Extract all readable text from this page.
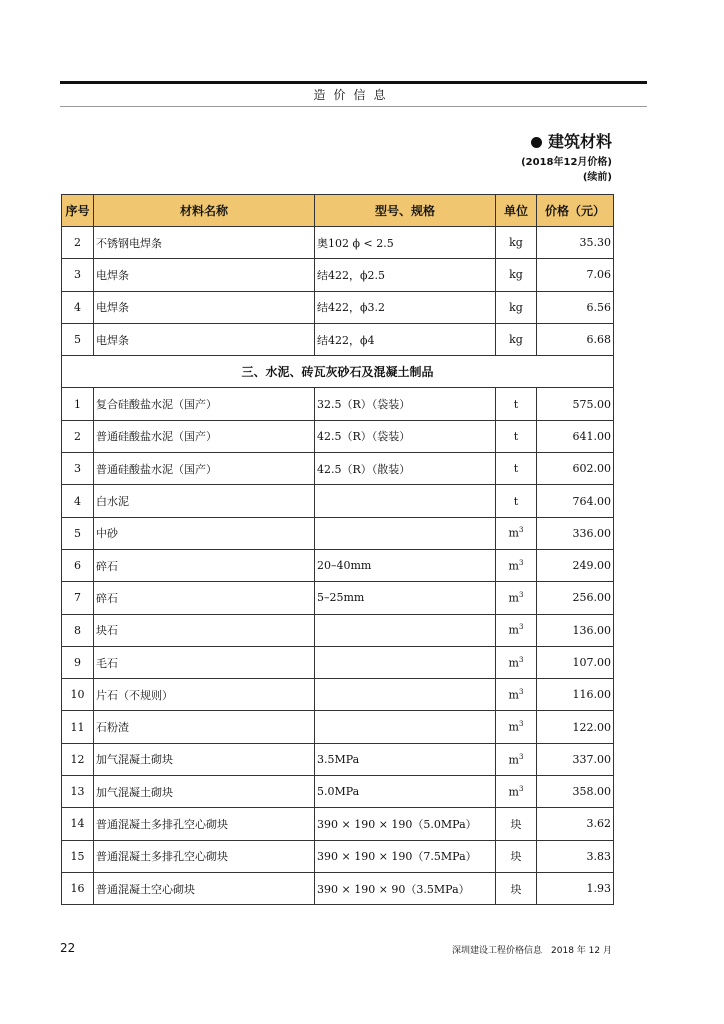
造价信息
建筑材料
(2018年12月价格)
(续前)
序号	材料名称	型号、规格	单位	价格（元）
2	不锈钢电焊条	奥102 ϕ < 2.5	kg	35.30
3	电焊条	结422，ϕ2.5	kg	7.06
4	电焊条	结422，ϕ3.2	kg	6.56
5	电焊条	结422，ϕ4	kg	6.68
三、水泥、砖瓦灰砂石及混凝土制品				
1	复合硅酸盐水泥（国产）	32.5（R）（袋装）	t	575.00
2	普通硅酸盐水泥（国产）	42.5（R）（袋装）	t	641.00
3	普通硅酸盐水泥（国产）	42.5（R）（散装）	t	602.00
4	白水泥		t	764.00
5	中砂		$m^3$	336.00
6	碎石	20–40mm	$m^3$	249.00
7	碎石	5–25mm	$m^3$	256.00
8	块石		$m^3$	136.00
9	毛石		$m^3$	107.00
10	片石（不规则）		$m^3$	116.00
11	石粉渣		$m^3$	122.00
12	加气混凝土砌块	3.5MPa	$m^3$	337.00
13	加气混凝土砌块	5.0MPa	$m^3$	358.00
14	普通混凝土多排孔空心砌块	390 × 190 × 190（5.0MPa）	块	3.62
15	普通混凝土多排孔空心砌块	390 × 190 × 190（7.5MPa）	块	3.83
16	普通混凝土空心砌块	390 × 190 × 90（3.5MPa）	块	1.93
22	深圳建设工程价格信息　2018 年 12 月
